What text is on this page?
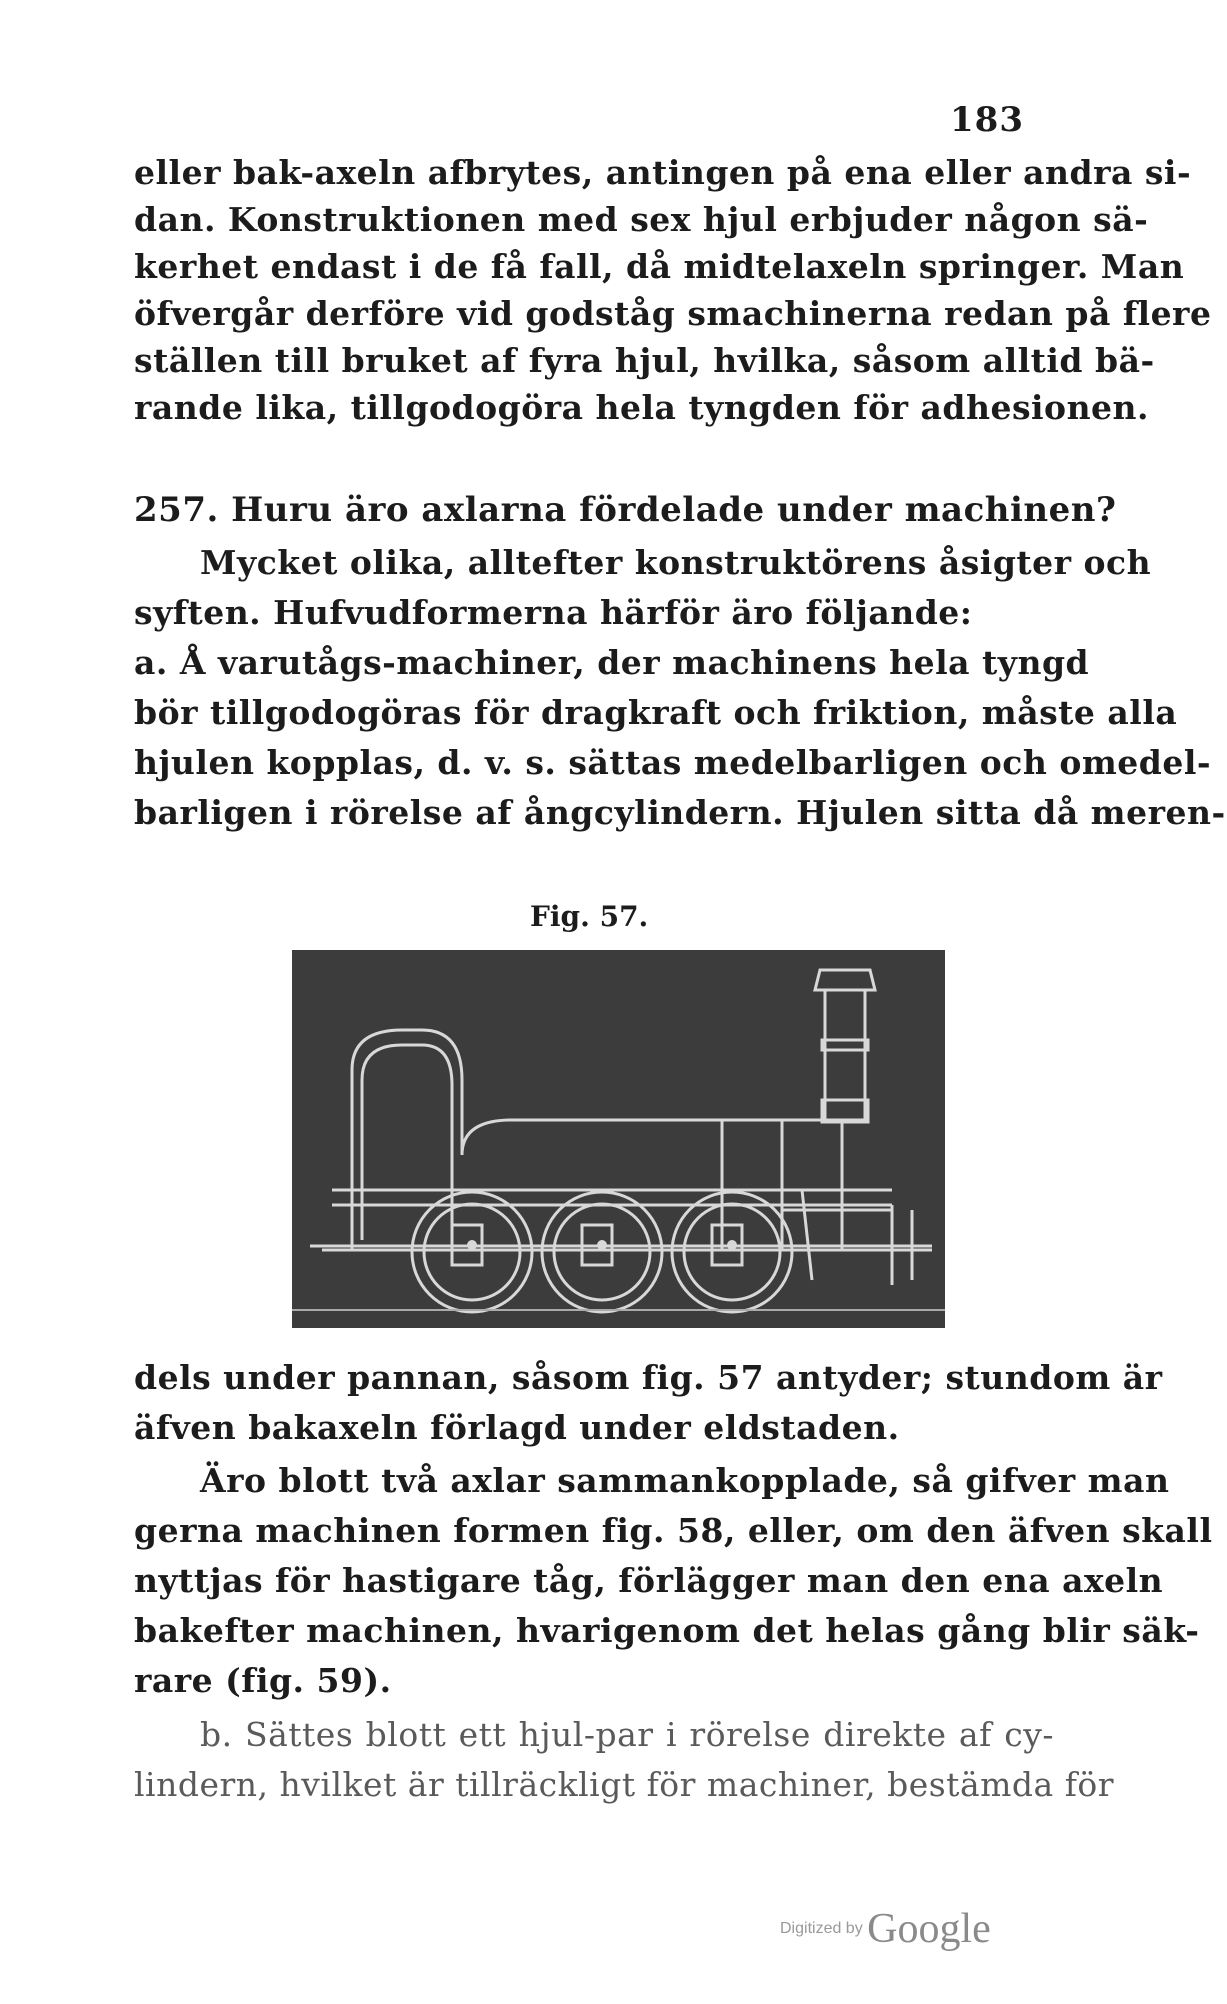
183
eller bak-axeln afbrytes, antingen på ena eller andra si-
dan. Konstruktionen med sex hjul erbjuder någon sä-
kerhet endast i de få fall, då midtelaxeln springer. Man
öfvergår derföre vid godståg smachinerna redan på flere
ställen till bruket af fyra hjul, hvilka, såsom alltid bä-
rande lika, tillgodogöra hela tyngden för adhesionen.
257. Huru äro axlarna fördelade under machinen?
Mycket olika, alltefter konstruktörens åsigter och
syften. Hufvudformerna härför äro följande:
a. Å varutågs-machiner, der machinens hela tyngd
bör tillgodogöras för dragkraft och friktion, måste alla
hjulen kopplas, d. v. s. sättas medelbarligen och omedel-
barligen i rörelse af ångcylindern. Hjulen sitta då meren-
Fig. 57.
dels under pannan, såsom fig. 57 antyder; stundom är
äfven bakaxeln förlagd under eldstaden.
Äro blott två axlar sammankopplade, så gifver man
gerna machinen formen fig. 58, eller, om den äfven skall
nyttjas för hastigare tåg, förlägger man den ena axeln
bakefter machinen, hvarigenom det helas gång blir säk-
rare (fig. 59).
b. Sättes blott ett hjul-par i rörelse direkte af cy-
lindern, hvilket är tillräckligt för machiner, bestämda för
Digitized by Google
